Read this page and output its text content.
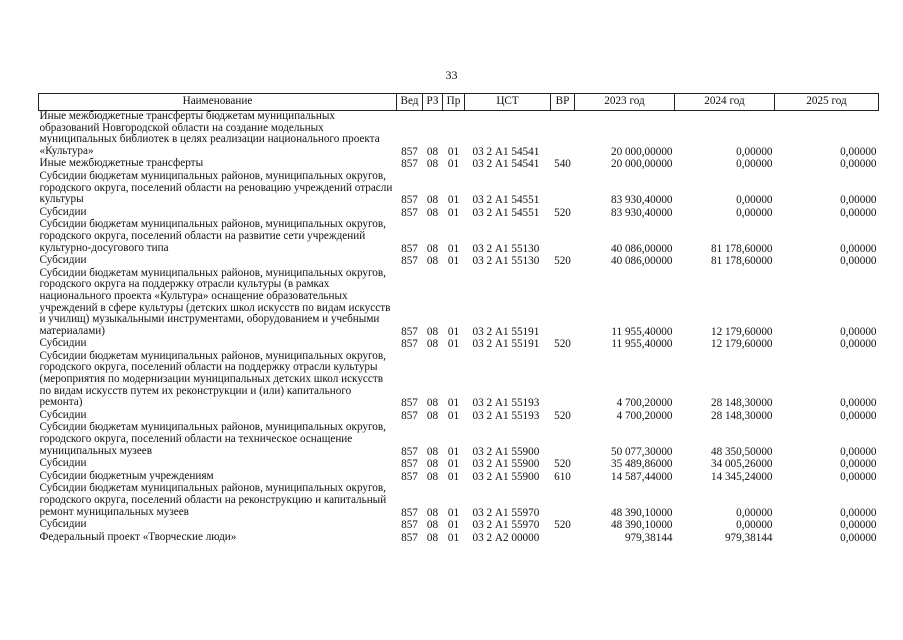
33
Наименование	Вед	РЗ	Пр	ЦСТ	ВР	2023 год	2024 год	2025 год
Иные межбюджетные трансферты бюджетам муниципальных образований Новгородской области на создание модельных муниципальных библиотек в целях реализации национального проекта «Культура»	857	08	01	03 2 А1 54541		20 000,00000	0,00000	0,00000
Иные межбюджетные трансферты	857	08	01	03 2 А1 54541	540	20 000,00000	0,00000	0,00000
Субсидии бюджетам муниципальных районов, муниципальных округов, городского округа, поселений области на реновацию учреждений отрасли культуры	857	08	01	03 2 А1 54551		83 930,40000	0,00000	0,00000
Субсидии	857	08	01	03 2 А1 54551	520	83 930,40000	0,00000	0,00000
Субсидии бюджетам муниципальных районов, муниципальных округов, городского округа, поселений области на развитие сети учреждений культурно-досугового типа	857	08	01	03 2 А1 55130		40 086,00000	81 178,60000	0,00000
Субсидии	857	08	01	03 2 А1 55130	520	40 086,00000	81 178,60000	0,00000
Субсидии бюджетам муниципальных районов, муниципальных округов, городского округа на поддержку отрасли культуры (в рамках национального проекта «Культура» оснащение образовательных учреждений в сфере культуры (детских школ искусств по видам искусств и училищ) музыкальными инструментами, оборудованием и учебными материалами)	857	08	01	03 2 А1 55191		11 955,40000	12 179,60000	0,00000
Субсидии	857	08	01	03 2 А1 55191	520	11 955,40000	12 179,60000	0,00000
Субсидии бюджетам муниципальных районов, муниципальных округов, городского округа, поселений области на поддержку отрасли культуры (мероприятия по модернизации муниципальных детских школ искусств по видам искусств путем их реконструкции и (или) капитального ремонта)	857	08	01	03 2 А1 55193		4 700,20000	28 148,30000	0,00000
Субсидии	857	08	01	03 2 А1 55193	520	4 700,20000	28 148,30000	0,00000
Субсидии бюджетам муниципальных районов, муниципальных округов, городского округа, поселений области на техническое оснащение муниципальных музеев	857	08	01	03 2 А1 55900		50 077,30000	48 350,50000	0,00000
Субсидии	857	08	01	03 2 А1 55900	520	35 489,86000	34 005,26000	0,00000
Субсидии бюджетным учреждениям	857	08	01	03 2 А1 55900	610	14 587,44000	14 345,24000	0,00000
Субсидии бюджетам муниципальных районов, муниципальных округов, городского округа, поселений области на реконструкцию и капитальный ремонт муниципальных музеев	857	08	01	03 2 А1 55970		48 390,10000	0,00000	0,00000
Субсидии	857	08	01	03 2 А1 55970	520	48 390,10000	0,00000	0,00000
Федеральный проект «Творческие люди»	857	08	01	03 2 А2 00000		979,38144	979,38144	0,00000
